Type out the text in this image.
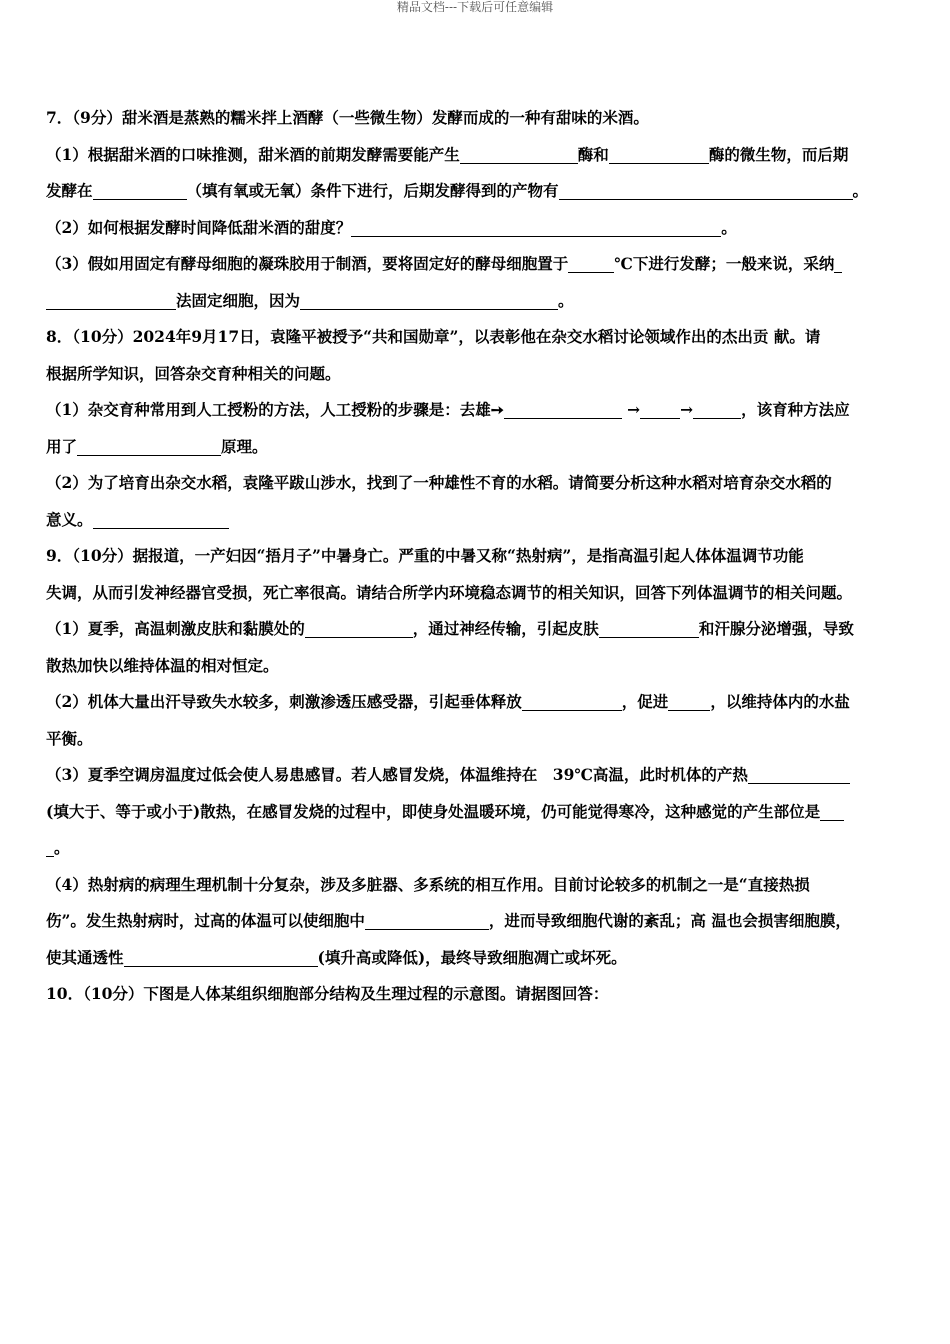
精品文档---下载后可任意编辑
7．（9分）甜米酒是蒸熟的糯米拌上酒酵（一些微生物）发酵而成的一种有甜味的米酒。
（1）根据甜米酒的口味推测，甜米酒的前期发酵需要能产生	酶和	酶的微生物，而后期
发酵在	（填有氧或无氧）条件下进行，后期发酵得到的产物有	。
（2）如何根据发酵时间降低甜米酒的甜度？	。
（3）假如用固定有酵母细胞的凝珠胶用于制酒，要将固定好的酵母细胞置于	℃下进行发酵；一般来说，采纳
法固定细胞，因为	。
8．（10分）2024年9月17日，袁隆平被授予“共和国勋章”，以表彰他在杂交水稻讨论领域作出的杰出贡 献。请
根据所学知识，回答杂交育种相关的问题。
（1）杂交育种常用到人工授粉的方法，人工授粉的步骤是：去雄➙	→	→	，该育种方法应
用了	原理。
（2）为了培育出杂交水稻，袁隆平跋山涉水，找到了一种雄性不育的水稻。请简要分析这种水稻对培育杂交水稻的
意义。
9．（10分）据报道，一产妇因“捂月子”中暑身亡。严重的中暑又称“热射病”，是指高温引起人体体温调节功能
失调，从而引发神经器官受损，死亡率很高。请结合所学内环境稳态调节的相关知识，回答下列体温调节的相关问题。
（1）夏季，高温刺激皮肤和黏膜处的	，通过神经传输，引起皮肤	和汗腺分泌增强，导致
散热加快以维持体温的相对恒定。
（2）机体大量出汗导致失水较多，刺激渗透压感受器，引起垂体释放	，促进	，以维持体内的水盐
平衡。
（3）夏季空调房温度过低会使人易患感冒。若人感冒发烧，体温维持在　39℃高温，此时机体的产热
(填大于、等于或小于)散热，在感冒发烧的过程中，即使身处温暖环境，仍可能觉得寒冷，这种感觉的产生部位是
。
（4）热射病的病理生理机制十分复杂，涉及多脏器、多系统的相互作用。目前讨论较多的机制之一是“直接热损
伤”。发生热射病时，过高的体温可以使细胞中	，进而导致细胞代谢的紊乱；高 温也会损害细胞膜，
使其通透性	(填升高或降低)，最终导致细胞凋亡或坏死。
10．（10分）下图是人体某组织细胞部分结构及生理过程的示意图。请据图回答：
